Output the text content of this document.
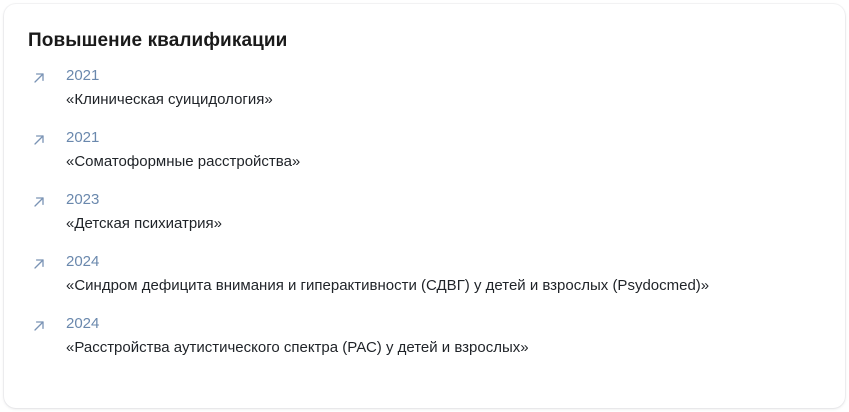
Повышение квалификации
2021
«Клиническая суицидология»
2021
«Соматоформные расстройства»
2023
«Детская психиатрия»
2024
«Синдром дефицита внимания и гиперактивности (СДВГ) у детей и взрослых (Psydocmed)»
2024
«Расстройства аутистического спектра (РАС) у детей и взрослых»
